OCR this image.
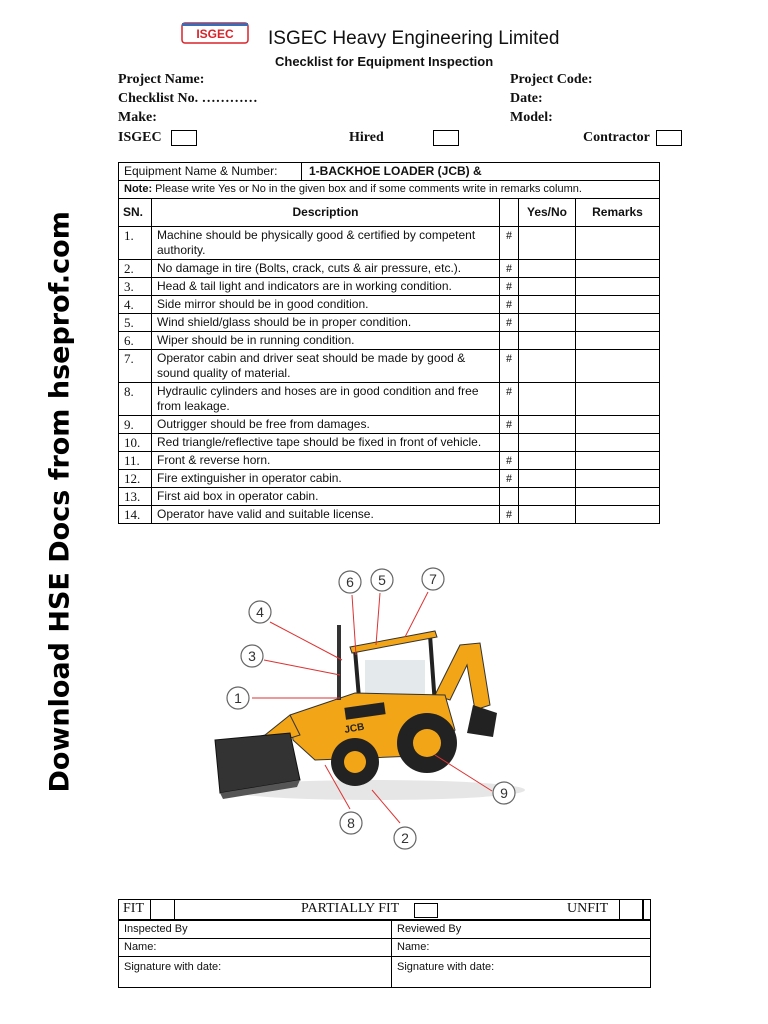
Download HSE Docs from hseprof.com
ISGEC ISGEC Heavy Engineering Limited
Checklist for Equipment Inspection
Project Name:	Project Code:
Checklist No. …………	Date:
Make:	Model:
ISGEC	Hired	Contractor
Equipment Name & Number: 1-BACKHOE LOADER (JCB) &				

Note: Please write Yes or No in the given box and if some comments write in remarks column.				
SN.	Description		Yes/No	Remarks
1.	Machine should be physically good & certified by competent authority.	#		
2.	No damage in tire (Bolts, crack, cuts & air pressure, etc.).	#		
3.	Head & tail light and indicators are in working condition.	#		
4.	Side mirror should be in good condition.	#		
5.	Wind shield/glass should be in proper condition.	#		
6.	Wiper should be in running condition.			
7.	Operator cabin and driver seat should be made by good & sound quality of material.	#		
8.	Hydraulic cylinders and hoses are in good condition and free from leakage.	#		
9.	Outrigger should be free from damages.	#		
10.	Red triangle/reflective tape should be fixed in front of vehicle.			
11.	Front & reverse horn.	#		
12.	Fire extinguisher in operator cabin.	#		
13.	First aid box in operator cabin.			
14.	Operator have valid and suitable license.	#		
JCB
1
2
3
4
5
6	7
8
9
FIT	PARTIALLY FIT	UNFIT
Inspected By	Reviewed By
Name:	Name:
Signature with date:	Signature with date:
